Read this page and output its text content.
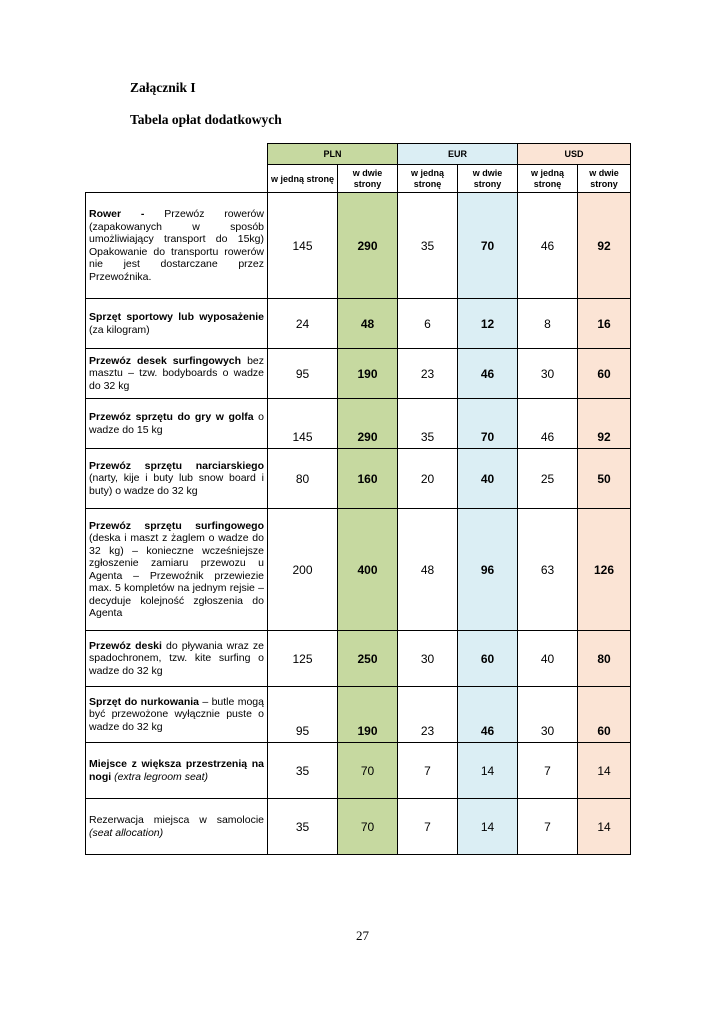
Załącznik I
Tabela opłat dodatkowych
	PLN		EUR		USD	
	w jedną stronę	w dwie strony	w jedną stronę	w dwie strony	w jedną stronę	w dwie strony

Rower - Przewóz rowerów (zapakowanych w sposób umożliwiający transport do 15kg) Opakowanie do transportu rowerów nie jest dostarczane przez Przewoźnika.	145	290	35	70	46	92

Sprzęt sportowy lub wyposażenie (za kilogram)	24	48	6	12	8	16

Przewóz desek surfingowych bez masztu – tzw. bodyboards o wadze do 32 kg	95	190	23	46	30	60

Przewóz sprzętu do gry w golfa o wadze do 15 kg	145	290	35	70	46	92

Przewóz sprzętu narciarskiego (narty, kije i buty lub snow board i buty) o wadze do 32 kg	80	160	20	40	25	50

Przewóz sprzętu surfingowego (deska i maszt z żaglem o wadze do 32 kg) – konieczne wcześniejsze zgłoszenie zamiaru przewozu u Agenta – Przewoźnik przewiezie max. 5 kompletów na jednym rejsie – decyduje kolejność zgłoszenia do Agenta	200	400	48	96	63	126

Przewóz deski do pływania wraz ze spadochronem, tzw. kite surfing o wadze do 32 kg	125	250	30	60	40	80

Sprzęt do nurkowania – butle mogą być przewożone wyłącznie puste o wadze do 32 kg	95	190	23	46	30	60

Miejsce z większa przestrzenią na nogi (extra legroom seat)	35	70	7	14	7	14

Rezerwacja miejsca w samolocie (seat allocation)	35	70	7	14	7	14
27
